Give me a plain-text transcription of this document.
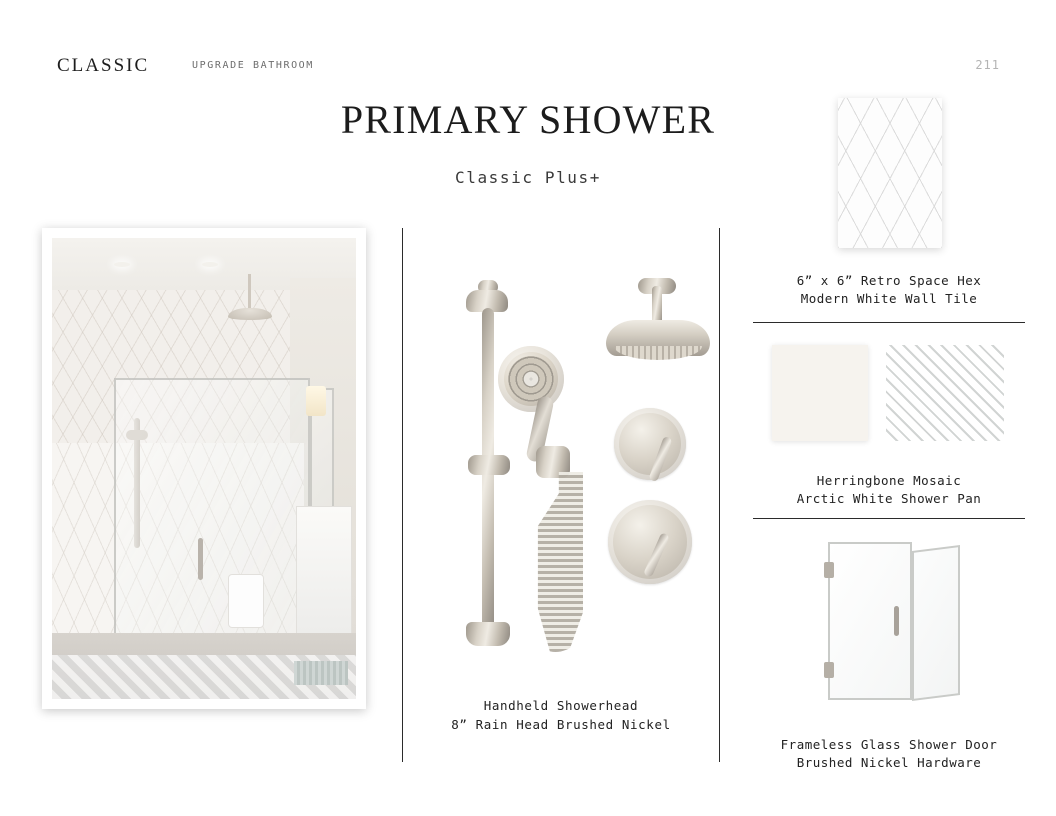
CLASSIC	UPGRADE BATHROOM	211
PRIMARY SHOWER
Classic Plus+
Handheld Showerhead
8” Rain Head Brushed Nickel
6” x 6” Retro Space Hex
Modern White Wall Tile
Herringbone Mosaic
Arctic White Shower Pan
Frameless Glass Shower Door
Brushed Nickel Hardware
